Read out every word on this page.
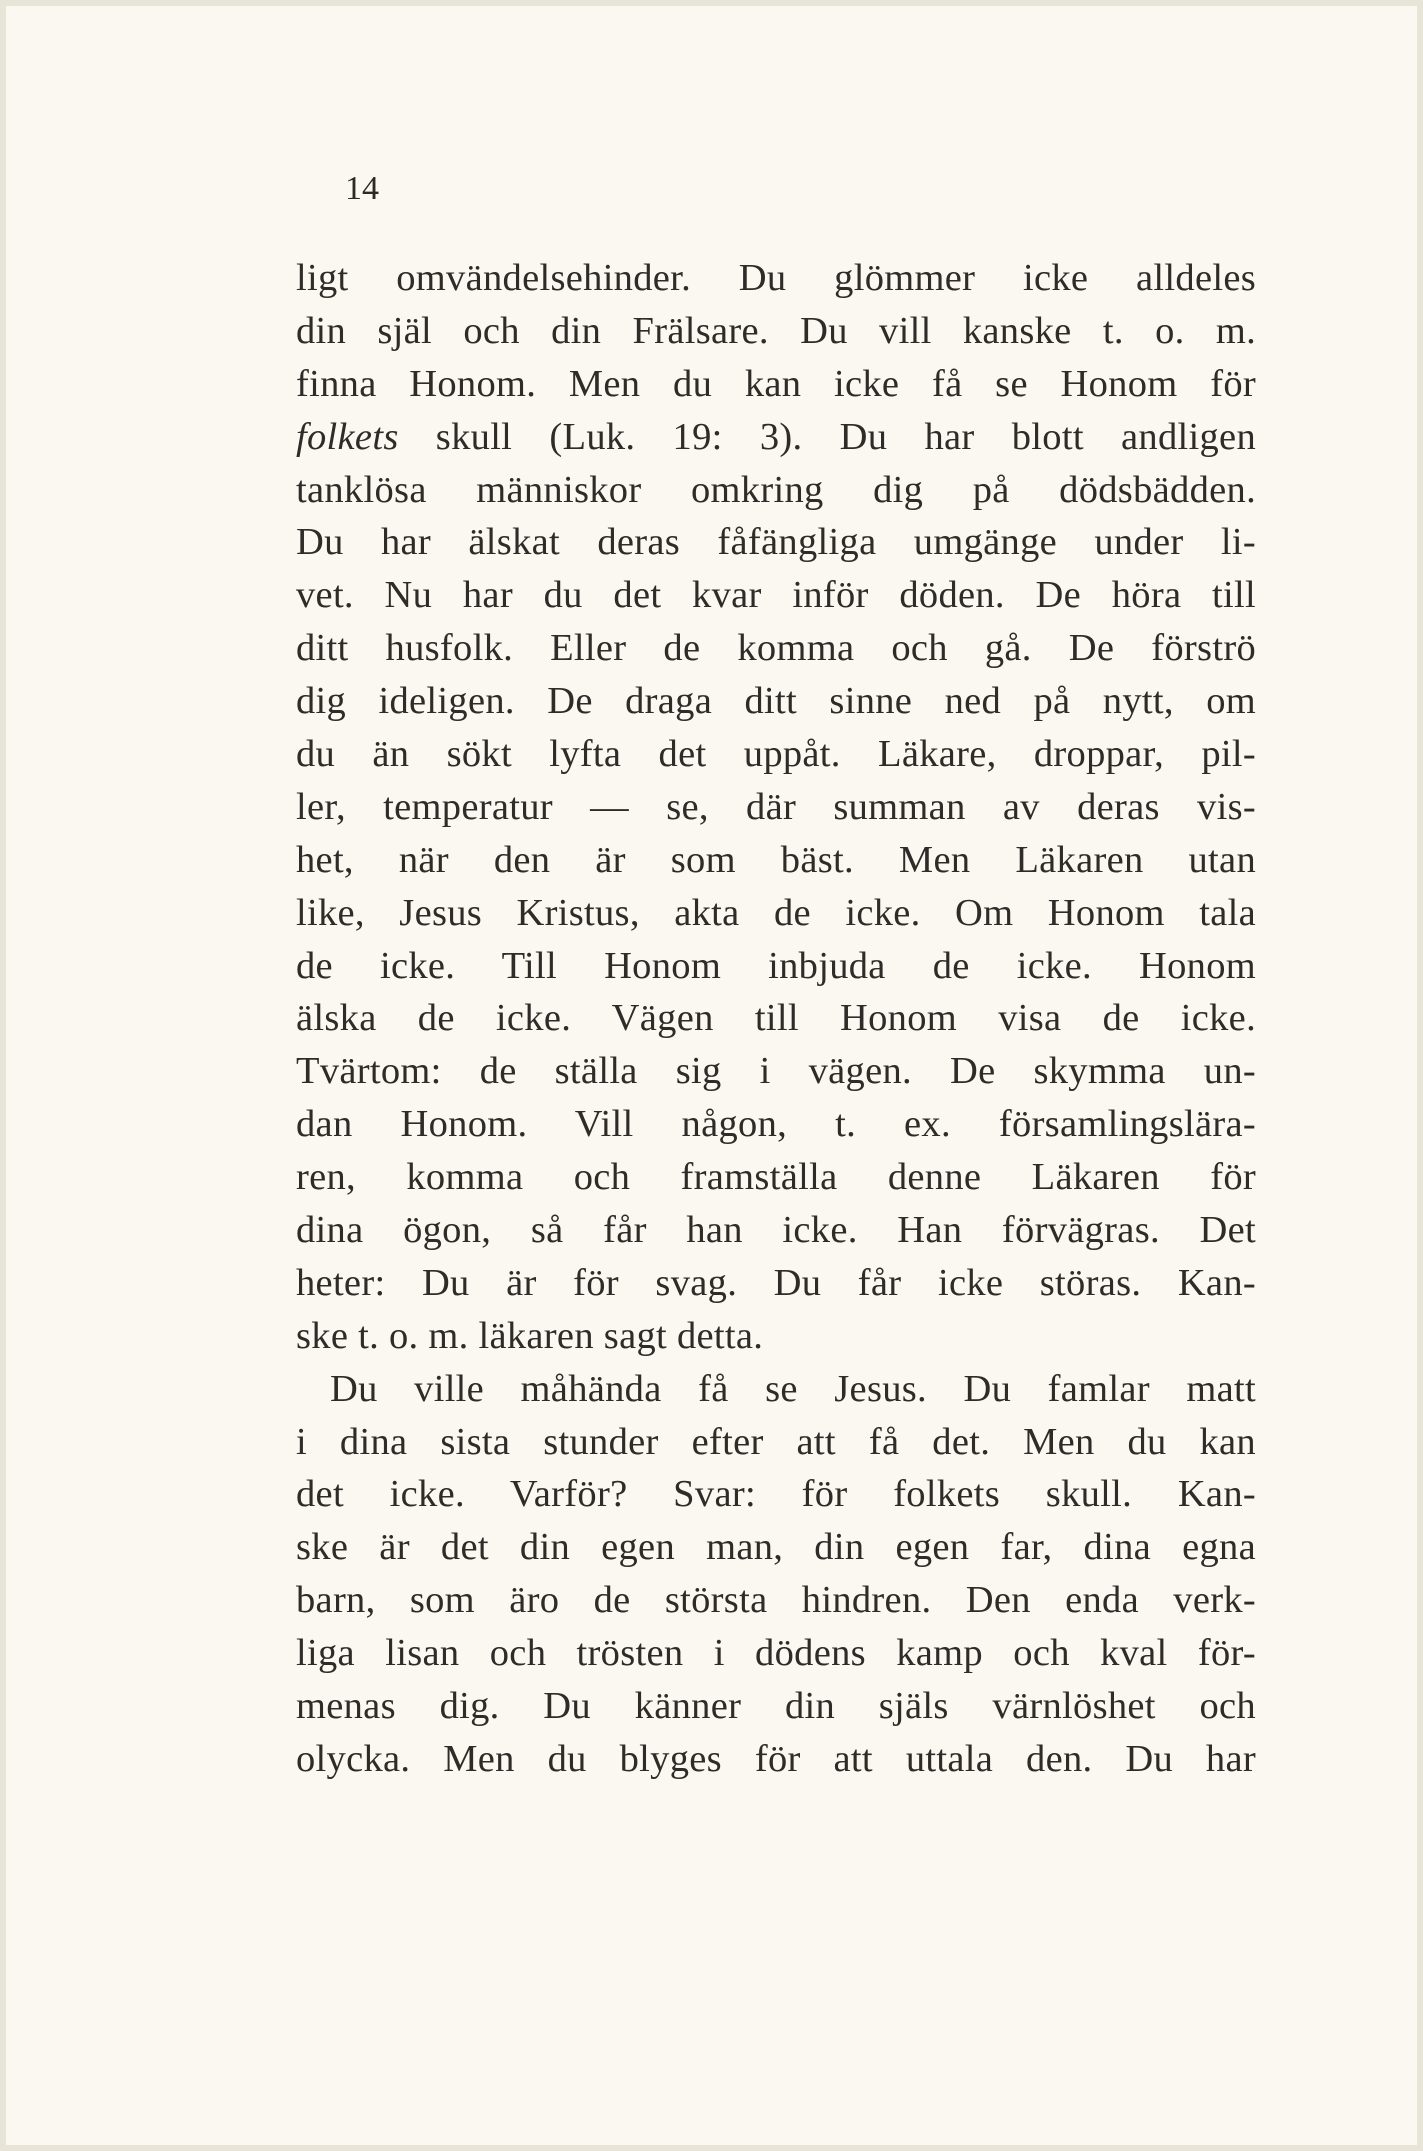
14
ligt omvändelsehinder. Du glömmer icke alldeles
din själ och din Frälsare. Du vill kanske t. o. m.
finna Honom. Men du kan icke få se Honom för
folkets skull (Luk. 19: 3). Du har blott andligen
tanklösa människor omkring dig på dödsbädden.
Du har älskat deras fåfängliga umgänge under li-
vet. Nu har du det kvar inför döden. De höra till
ditt husfolk. Eller de komma och gå. De förströ
dig ideligen. De draga ditt sinne ned på nytt, om
du än sökt lyfta det uppåt. Läkare, droppar, pil-
ler, temperatur — se, där summan av deras vis-
het, när den är som bäst. Men Läkaren utan
like, Jesus Kristus, akta de icke. Om Honom tala
de icke. Till Honom inbjuda de icke. Honom
älska de icke. Vägen till Honom visa de icke.
Tvärtom: de ställa sig i vägen. De skymma un-
dan Honom. Vill någon, t. ex. församlingslära-
ren, komma och framställa denne Läkaren för
dina ögon, så får han icke. Han förvägras. Det
heter: Du är för svag. Du får icke störas. Kan-
ske t. o. m. läkaren sagt detta.
Du ville måhända få se Jesus. Du famlar matt
i dina sista stunder efter att få det. Men du kan
det icke. Varför? Svar: för folkets skull. Kan-
ske är det din egen man, din egen far, dina egna
barn, som äro de största hindren. Den enda verk-
liga lisan och trösten i dödens kamp och kval för-
menas dig. Du känner din själs värnlöshet och
olycka. Men du blyges för att uttala den. Du har
